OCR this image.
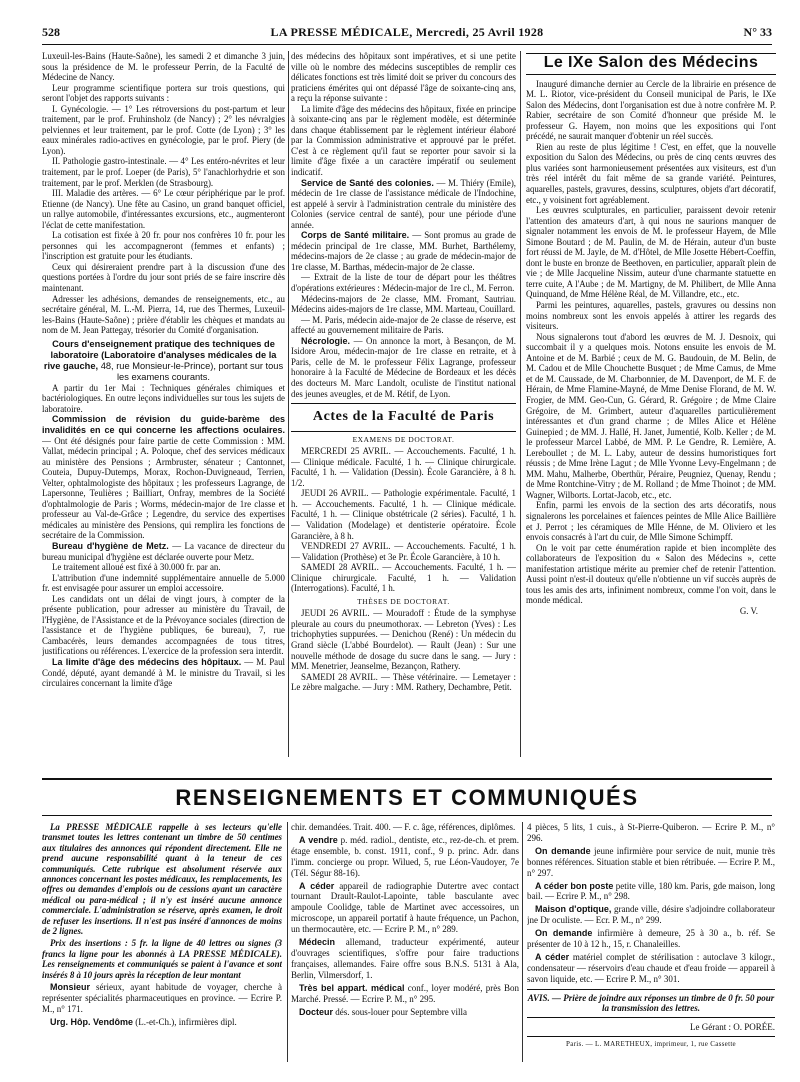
528	LA PRESSE MÉDICALE, Mercredi, 25 Avril 1928	N° 33

Luxeuil-les-Bains (Haute-Saône), les samedi 2 et dimanche 3 juin, sous la présidence de M. le professeur Perrin, de la Faculté de Médecine de Nancy.

Leur programme scientifique portera sur trois questions, qui seront l'objet des rapports suivants :

I. Gynécologie. — 1° Les rétroversions du post-partum et leur traitement, par le prof. Fruhinsholz (de Nancy) ; 2° les névralgies pelviennes et leur traitement, par le prof. Cotte (de Lyon) ; 3° les eaux minérales radio-actives en gynécologie, par le prof. Piery (de Lyon).

II. Pathologie gastro-intestinale. — 4° Les entéro-névrites et leur traitement, par le prof. Loeper (de Paris), 5° l'anachlorhydrie et son traitement, par le prof. Merklen (de Strasbourg).

III. Maladie des artères. — 6° Le cœur périphérique par le prof. Etienne (de Nancy). Une fête au Casino, un grand banquet officiel, un rallye automobile, d'intéressantes excursions, etc., augmenteront l'éclat de cette manifestation.

La cotisation est fixée à 20 fr. pour nos confrères 10 fr. pour les personnes qui les accompagneront (femmes et enfants) ; l'inscription est gratuite pour les étudiants.

Ceux qui désireraient prendre part à la discussion d'une des questions portées à l'ordre du jour sont priés de se faire inscrire dès maintenant.

Adresser les adhésions, demandes de renseignements, etc., au secrétaire général, M. L.-M. Pierra, 14, rue des Thermes, Luxeuil-les-Bains (Haute-Saône) ; prière d'établir les chèques et mandats au nom de M. Jean Pattegay, trésorier du Comité d'organisation.

Cours d'enseignement pratique des techniques de laboratoire (Laboratoire d'analyses médicales de la rive gauche, 48, rue Monsieur-le-Prince), portant sur tous les examens courants.

A partir du 1er Mai : Techniques générales chimiques et bactériologiques. En outre leçons individuelles sur tous les sujets de laboratoire.

Commission de révision du guide-barème des invalidités en ce qui concerne les affections oculaires. — Ont été désignés pour faire partie de cette Commission : MM. Vallat, médecin principal ; A. Poloque, chef des services médicaux au ministère des Pensions ; Armbruster, sénateur ; Cantonnet, Couteia, Dupuy-Dutemps, Morax, Rochon-Duvigneaud, Terrien, Velter, ophtalmologiste des hôpitaux ; les professeurs Lagrange, de Lapersonne, Teulières ; Bailliart, Onfray, membres de la Société d'ophtalmologie de Paris ; Worms, médecin-major de 1re classe et professeur au Val-de-Grâce ; Legendre, du service des expertises médicales au ministère des Pensions, qui remplira les fonctions de secrétaire de la Commission.

Bureau d'hygiène de Metz. — La vacance de directeur du bureau municipal d'hygiène est déclarée ouverte pour Metz.

Le traitement alloué est fixé à 30.000 fr. par an.

L'attribution d'une indemnité supplémentaire annuelle de 5.000 fr. est envisagée pour assurer un emploi accessoire.

Les candidats ont un délai de vingt jours, à compter de la présente publication, pour adresser au ministère du Travail, de l'Hygiène, de l'Assistance et de la Prévoyance sociales (direction de l'assistance et de l'hygiène publiques, 6e bureau), 7, rue Cambacérès, leurs demandes accompagnées de tous titres, justifications ou références. L'exercice de la profession sera interdit.

La limite d'âge des médecins des hôpitaux. — M. Paul Condé, député, ayant demandé à M. le ministre du Travail, si les circulaires concernant la limite d'âge

des médecins des hôpitaux sont impératives, et si une petite ville où le nombre des médecins susceptibles de remplir ces délicates fonctions est très limité doit se priver du concours des praticiens émérites qui ont dépassé l'âge de soixante-cinq ans, a reçu la réponse suivante :

La limite d'âge des médecins des hôpitaux, fixée en principe à soixante-cinq ans par le règlement modèle, est déterminée dans chaque établissement par le règlement intérieur élaboré par la Commission administrative et approuvé par le préfet. C'est à ce règlement qu'il faut se reporter pour savoir si la limite d'âge fixée a un caractère impératif ou seulement indicatif.

Service de Santé des colonies. — M. Thiéry (Emile), médecin de 1re classe de l'assistance médicale de l'Indochine, est appelé à servir à l'administration centrale du ministère des Colonies (service central de santé), pour une période d'une année.

Corps de Santé militaire. — Sont promus au grade de médecin principal de 1re classe, MM. Burhet, Barthélemy, médecins-majors de 2e classe ; au grade de médecin-major de 1re classe, M. Barthas, médecin-major de 2e classe.

— Extrait de la liste de tour de départ pour les théâtres d'opérations extérieures : Médecin-major de 1re cl., M. Ferron.

Médecins-majors de 2e classe, MM. Fromant, Sautriau. Médecins aides-majors de 1re classe, MM. Marteau, Couillard.

— M. Paris, médecin aide-major de 2e classe de réserve, est affecté au gouvernement militaire de Paris.

Nécrologie. — On annonce la mort, à Besançon, de M. Isidore Arou, médecin-major de 1re classe en retraite, et à Paris, celle de M. le professeur Félix Lagrange, professeur honoraire à la Faculté de Médecine de Bordeaux et les décès des docteurs M. Marc Landolt, oculiste de l'institut national des jeunes aveugles, et de M. Rétif, de Lyon.

Actes de la Faculté de Paris
EXAMENS DE DOCTORAT.

MERCREDI 25 AVRIL. — Accouchements. Faculté, 1 h. — Clinique médicale. Faculté, 1 h. — Clinique chirurgicale. Faculté, 1 h. — Validation (Dessin). École Garancière, à 8 h. 1/2.

JEUDI 26 AVRIL. — Pathologie expérimentale. Faculté, 1 h. — Accouchements. Faculté, 1 h. — Clinique médicale. Faculté, 1 h. — Clinique obstétricale (2 séries). Faculté, 1 h. — Validation (Modelage) et dentisterie opératoire. École Garancière, à 8 h.

VENDREDI 27 AVRIL. — Accouchements. Faculté, 1 h. — Validation (Prothèse) et 3e Pr. École Garancière, à 10 h.

SAMEDI 28 AVRIL. — Accouchements. Faculté, 1 h. — Clinique chirurgicale. Faculté, 1 h. — Validation (Interrogations). Faculté, 1 h.

THÈSES DE DOCTORAT.

JEUDI 26 AVRIL. — Mouradoff : Étude de la symphyse pleurale au cours du pneumothorax. — Lebreton (Yves) : Les trichophyties suppurées. — Denichou (René) : Un médecin du Grand siècle (L'abbé Bourdelot). — Rault (Jean) : Sur une nouvelle méthode de dosage du sucre dans le sang. — Jury : MM. Menetrier, Jeanselme, Bezançon, Rathery.

SAMEDI 28 AVRIL. — Thèse vétérinaire. — Lemetayer : Le zèbre malgache. — Jury : MM. Rathery, Dechambre, Petit.

Le IXe Salon des Médecins

Inauguré dimanche dernier au Cercle de la librairie en présence de M. L. Riotor, vice-président du Conseil municipal de Paris, le IXe Salon des Médecins, dont l'organisation est due à notre confrère M. P. Rabier, secrétaire de son Comité d'honneur que préside M. le professeur G. Hayem, non moins que les expositions qui l'ont précédé, ne saurait manquer d'obtenir un réel succès.

Rien au reste de plus légitime ! C'est, en effet, que la nouvelle exposition du Salon des Médecins, ou près de cinq cents œuvres des plus variées sont harmonieusement présentées aux visiteurs, est d'un très réel intérêt du fait même de sa grande variété. Peintures, aquarelles, pastels, gravures, dessins, sculptures, objets d'art décoratif, etc., y voisinent fort agréablement.

Les œuvres sculpturales, en particulier, paraissent devoir retenir l'attention des amateurs d'art, à qui nous ne saurions manquer de signaler notamment les envois de M. le professeur Hayem, de Mlle Simone Boutard ; de M. Paulin, de M. de Hérain, auteur d'un buste fort réussi de M. Jayle, de M. d'Hôtel, de Mlle Josette Hébert-Coeffin, dont le buste en bronze de Beethoven, en particulier, apparaît plein de vie ; de Mlle Jacqueline Nissim, auteur d'une charmante statuette en terre cuite, A l'Aube ; de M. Martigny, de M. Philibert, de Mlle Anna Quinquand, de Mme Hélène Réal, de M. Villandre, etc., etc.

Parmi les peintures, aquarelles, pastels, gravures ou dessins non moins nombreux sont les envois appelés à attirer les regards des visiteurs.

Nous signalerons tout d'abord les œuvres de M. J. Desnoix, qui succombait il y a quelques mois. Notons ensuite les envois de M. Antoine et de M. Barbié ; ceux de M. G. Baudouin, de M. Belin, de M. Cadou et de Mlle Chouchette Busquet ; de Mme Camus, de Mme et de M. Caussade, de M. Charbonnier, de M. Davenport, de M. F. de Hérain, de Mme Flamine-Mayné, de Mme Denise Florand, de M. W. Frogier, de MM. Geo-Cun, G. Gérard, R. Grégoire ; de Mme Claire Grégoire, de M. Grimbert, auteur d'aquarelles particulièrement intéressantes et d'un grand charme ; de Mlles Alice et Hélène Guinepied ; de MM. J. Hallé, H. Janet, Jumentié, Kolb. Keller ; de M. le professeur Marcel Labbé, de MM. P. Le Gendre, R. Lemière, A. Lereboullet ; de M. L. Laby, auteur de dessins humoristiques fort réussis ; de Mme Irène Lagut ; de Mlle Yvonne Levy-Engelmann ; de MM. Mahu, Malherbe, Oberthür, Péraire, Peugniez, Quenay, Rendu ; de Mme Rontchine-Vitry ; de M. Rolland ; de Mme Thoinot ; de MM. Wagner, Wilborts. Lortat-Jacob, etc., etc.

Enfin, parmi les envois de la section des arts décoratifs, nous signalerons les porcelaines et faïences peintes de Mlle Alice Baillière et J. Perrot ; les céramiques de Mlle Hénne, de M. Oliviero et les envois consacrés à l'art du cuir, de Mlle Simone Schimpff.

On le voit par cette énumération rapide et bien incomplète des collaborateurs de l'exposition du « Salon des Médecins », cette manifestation artistique mérite au premier chef de retenir l'attention. Aussi point n'est-il douteux qu'elle n'obtienne un vif succès auprès de tous les amis des arts, infiniment nombreux, comme l'on voit, dans le monde médical.

G. V.

RENSEIGNEMENTS ET COMMUNIQUÉS

La PRESSE MÉDICALE rappelle à ses lecteurs qu'elle transmet toutes les lettres contenant un timbre de 50 centimes aux titulaires des annonces qui répondent directement. Elle ne prend aucune responsabilité quant à la teneur de ces communiqués. Cette rubrique est absolument réservée aux annonces concernant les postes médicaux, les remplacements, les offres ou demandes d'emplois ou de cessions ayant un caractère médical ou para-médical ; il n'y est inséré aucune annonce commerciale. L'administration se réserve, après examen, le droit de refuser les insertions. Il n'est pas inséré d'annonces de moins de 2 lignes.

Prix des insertions : 5 fr. la ligne de 40 lettres ou signes (3 francs la ligne pour les abonnés à LA PRESSE MÉDICALE). Les renseignements et communiqués se paient à l'avance et sont insérés 8 à 10 jours après la réception de leur montant

Monsieur sérieux, ayant habitude de voyager, cherche à représenter spécialités pharmaceutiques en province. — Ecrire P. M., n° 171.

Urg. Hôp. Vendôme (L.-et-Ch.), infirmières dipl.

chir. demandées. Trait. 400. — F. c. âge, références, diplômes.

A vendre p. méd. radiol., dentiste, etc., rez-de-ch. et prem. étage ensemble, b. const. 1911, conf., 9 p. princ. Adr. dans l'imm. concierge ou propr. Wilued, 5, rue Léon-Vaudoyer, 7e (Tél. Ségur 88-16).

A céder appareil de radiographie Dutertre avec contact tournant Drault-Raulot-Lapointe, table basculante avec ampoule Coolidge, table de Martinet avec accessoires, un microscope, un appareil portatif à haute fréquence, un Pachon, un thermocautère, etc. — Ecrire P. M., n° 289.

Médecin allemand, traducteur expérimenté, auteur d'ouvrages scientifiques, s'offre pour faire traductions françaises, allemandes. Faire offre sous B.N.S. 5131 à Ala, Berlin, Vilmersdorf, 1.

Très bel appart. médical conf., loyer modéré, près Bon Marché. Pressé. — Ecrire P. M., n° 295.

Docteur dés. sous-louer pour Septembre villa

4 pièces, 5 lits, 1 cuis., à St-Pierre-Quiberon. — Ecrire P. M., n° 296.

On demande jeune infirmière pour service de nuit, munie très bonnes références. Situation stable et bien rétribuée. — Ecrire P. M., n° 297.

A céder bon poste petite ville, 180 km. Paris, gde maison, long bail. — Ecrire P. M., n° 298.

Maison d'optique, grande ville, désire s'adjoindre collaborateur jne Dr oculiste. — Ecr. P. M., n° 299.

On demande infirmière à demeure, 25 à 30 a., b. réf. Se présenter de 10 à 12 h., 15, r. Chanaleilles.

A céder matériel complet de stérilisation : autoclave 3 kilogr., condensateur — réservoirs d'eau chaude et d'eau froide — appareil à savon liquide, etc. — Ecrire P. M., n° 301.

AVIS. — Prière de joindre aux réponses un timbre de 0 fr. 50 pour la transmission des lettres.
Le Gérant : O. PORÉE.
Paris. — L. MARETHEUX, imprimeur, 1, rue Cassette
